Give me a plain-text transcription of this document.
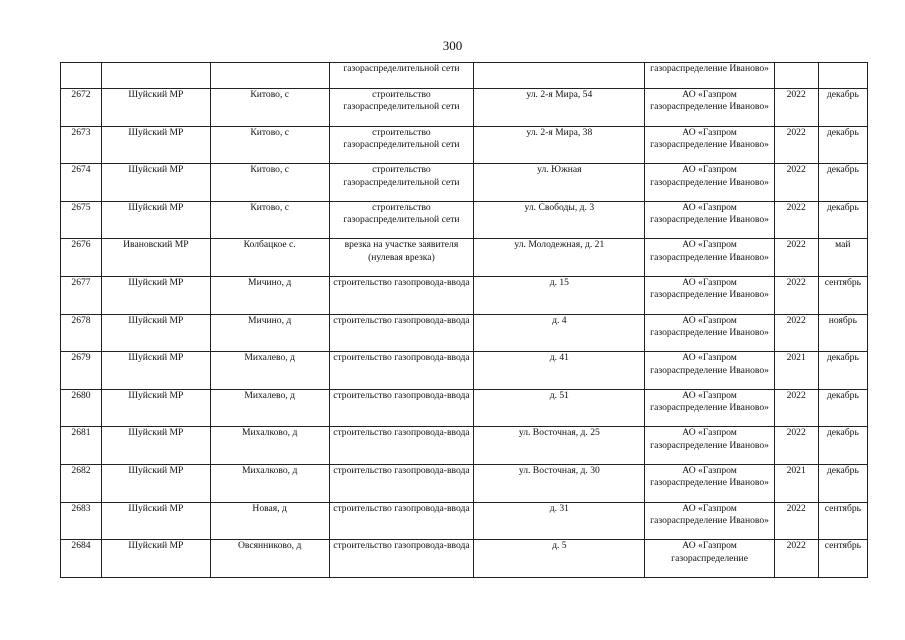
300
			газораспределительной сети		газораспределение Иваново»		
2672	Шуйский МР	Китово, с	строительство газораспределительной сети	ул. 2-я Мира, 54	АО «Газпром газораспределение Иваново»	2022	декабрь
2673	Шуйский МР	Китово, с	строительство газораспределительной сети	ул. 2-я Мира, 38	АО «Газпром газораспределение Иваново»	2022	декабрь
2674	Шуйский МР	Китово, с	строительство газораспределительной сети	ул. Южная	АО «Газпром газораспределение Иваново»	2022	декабрь
2675	Шуйский МР	Китово, с	строительство газораспределительной сети	ул. Свободы, д. 3	АО «Газпром газораспределение Иваново»	2022	декабрь
2676	Ивановский МР	Колбацкое с.	врезка на участке заявителя (нулевая врезка)	ул. Молодежная, д. 21	АО «Газпром газораспределение Иваново»	2022	май
2677	Шуйский МР	Мичино, д	строительство газопровода-ввода	д. 15	АО «Газпром газораспределение Иваново»	2022	сентябрь
2678	Шуйский МР	Мичино, д	строительство газопровода-ввода	д. 4	АО «Газпром газораспределение Иваново»	2022	ноябрь
2679	Шуйский МР	Михалево, д	строительство газопровода-ввода	д. 41	АО «Газпром газораспределение Иваново»	2021	декабрь
2680	Шуйский МР	Михалево, д	строительство газопровода-ввода	д. 51	АО «Газпром газораспределение Иваново»	2022	декабрь
2681	Шуйский МР	Михалково, д	строительство газопровода-ввода	ул. Восточная, д. 25	АО «Газпром газораспределение Иваново»	2022	декабрь
2682	Шуйский МР	Михалково, д	строительство газопровода-ввода	ул. Восточная, д. 30	АО «Газпром газораспределение Иваново»	2021	декабрь
2683	Шуйский МР	Новая, д	строительство газопровода-ввода	д. 31	АО «Газпром газораспределение Иваново»	2022	сентябрь
2684	Шуйский МР	Овсянниково, д	строительство газопровода-ввода	д. 5	АО «Газпром газораспределение	2022	сентябрь
